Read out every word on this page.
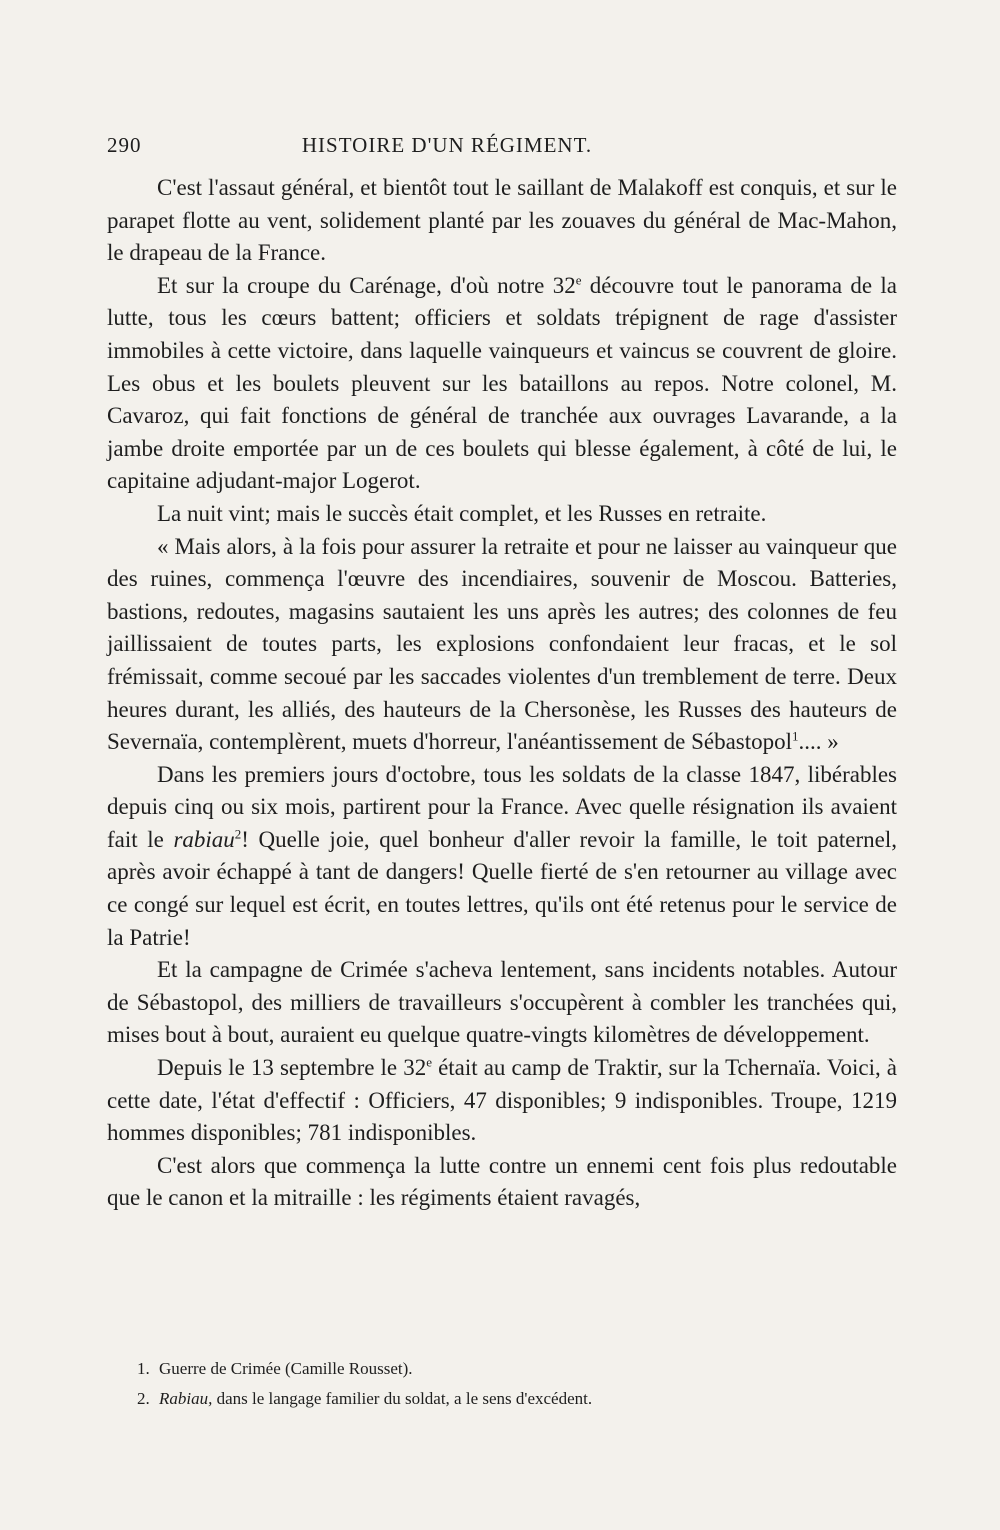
290	HISTOIRE D'UN RÉGIMENT.

C'est l'assaut général, et bientôt tout le saillant de Malakoff est conquis, et sur le parapet flotte au vent, solidement planté par les zouaves du général de Mac-Mahon, le drapeau de la France.

Et sur la croupe du Carénage, d'où notre 32e découvre tout le panorama de la lutte, tous les cœurs battent; officiers et soldats trépignent de rage d'assister immobiles à cette victoire, dans laquelle vainqueurs et vaincus se couvrent de gloire. Les obus et les boulets pleuvent sur les bataillons au repos. Notre colonel, M. Cavaroz, qui fait fonctions de général de tranchée aux ouvrages Lavarande, a la jambe droite emportée par un de ces boulets qui blesse également, à côté de lui, le capitaine adjudant-major Logerot.

La nuit vint; mais le succès était complet, et les Russes en retraite.

« Mais alors, à la fois pour assurer la retraite et pour ne laisser au vainqueur que des ruines, commença l'œuvre des incendiaires, souvenir de Moscou. Batteries, bastions, redoutes, magasins sautaient les uns après les autres; des colonnes de feu jaillissaient de toutes parts, les explosions confondaient leur fracas, et le sol frémissait, comme secoué par les saccades violentes d'un tremblement de terre. Deux heures durant, les alliés, des hauteurs de la Chersonèse, les Russes des hauteurs de Severnaïa, contemplèrent, muets d'horreur, l'anéantissement de Sébastopol$^1$.... »

Dans les premiers jours d'octobre, tous les soldats de la classe 1847, libérables depuis cinq ou six mois, partirent pour la France. Avec quelle résignation ils avaient fait le rabiau$^2$! Quelle joie, quel bonheur d'aller revoir la famille, le toit paternel, après avoir échappé à tant de dangers! Quelle fierté de s'en retourner au village avec ce congé sur lequel est écrit, en toutes lettres, qu'ils ont été retenus pour le service de la Patrie!

Et la campagne de Crimée s'acheva lentement, sans incidents notables. Autour de Sébastopol, des milliers de travailleurs s'occupèrent à combler les tranchées qui, mises bout à bout, auraient eu quelque quatre-vingts kilomètres de développement.

Depuis le 13 septembre le 32e était au camp de Traktir, sur la Tchernaïa. Voici, à cette date, l'état d'effectif : Officiers, 47 disponibles; 9 indisponibles. Troupe, 1219 hommes disponibles; 781 indisponibles.

C'est alors que commença la lutte contre un ennemi cent fois plus redoutable que le canon et la mitraille : les régiments étaient ravagés,

1. Guerre de Crimée (Camille Rousset).

2. Rabiau, dans le langage familier du soldat, a le sens d'excédent.
